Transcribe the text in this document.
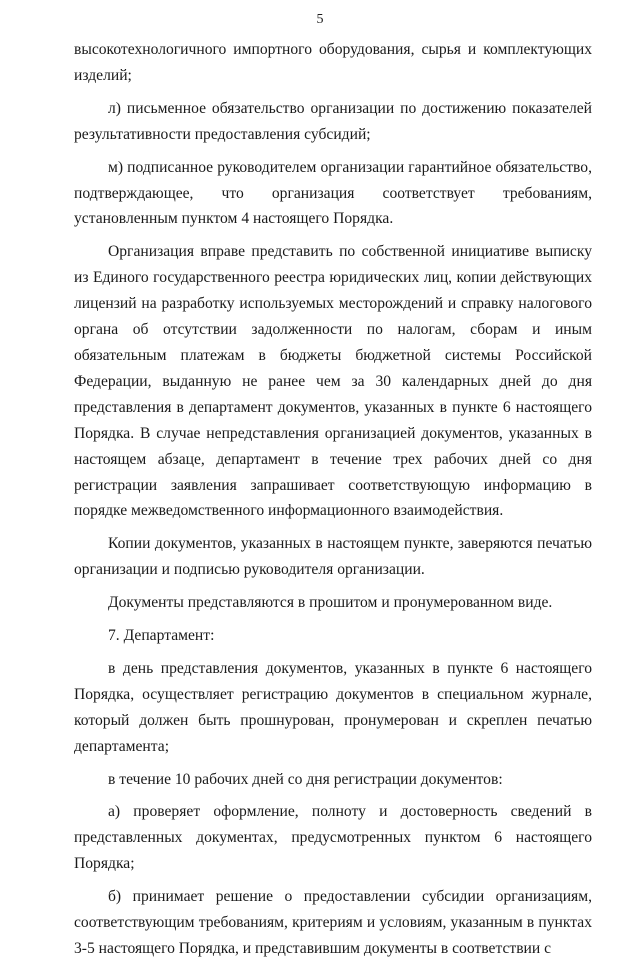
5

высокотехнологичного импортного оборудования, сырья и комплектующих
изделий;

л) письменное обязательство организации по достижению показателей результативности предоставления субсидий;

м) подписанное руководителем организации гарантийное обязательство, подтверждающее, что организация соответствует требованиям, установленным пунктом 4 настоящего Порядка.

Организация вправе представить по собственной инициативе выписку из Единого государственного реестра юридических лиц, копии действующих лицензий на разработку используемых месторождений и справку налогового органа об отсутствии задолженности по налогам, сборам и иным обязательным платежам в бюджеты бюджетной системы Российской Федерации, выданную не ранее чем за 30 календарных дней до дня представления в департамент документов, указанных в пункте 6 настоящего Порядка. В случае непредставления организацией документов, указанных в настоящем абзаце, департамент в течение трех рабочих дней со дня регистрации заявления запрашивает соответствующую информацию в порядке межведомственного информационного взаимодействия.

Копии документов, указанных в настоящем пункте, заверяются печатью организации и подписью руководителя организации.

Документы представляются в прошитом и пронумерованном виде.

7. Департамент:

в день представления документов, указанных в пункте 6 настоящего Порядка, осуществляет регистрацию документов в специальном журнале, который должен быть прошнурован, пронумерован и скреплен печатью департамента;

в течение 10 рабочих дней со дня регистрации документов:

а) проверяет оформление, полноту и достоверность сведений в представленных документах, предусмотренных пунктом 6 настоящего Порядка;

б) принимает решение о предоставлении субсидии организациям, соответствующим требованиям, критериям и условиям, указанным в пунктах 3-5 настоящего Порядка, и представившим документы в соответствии с
